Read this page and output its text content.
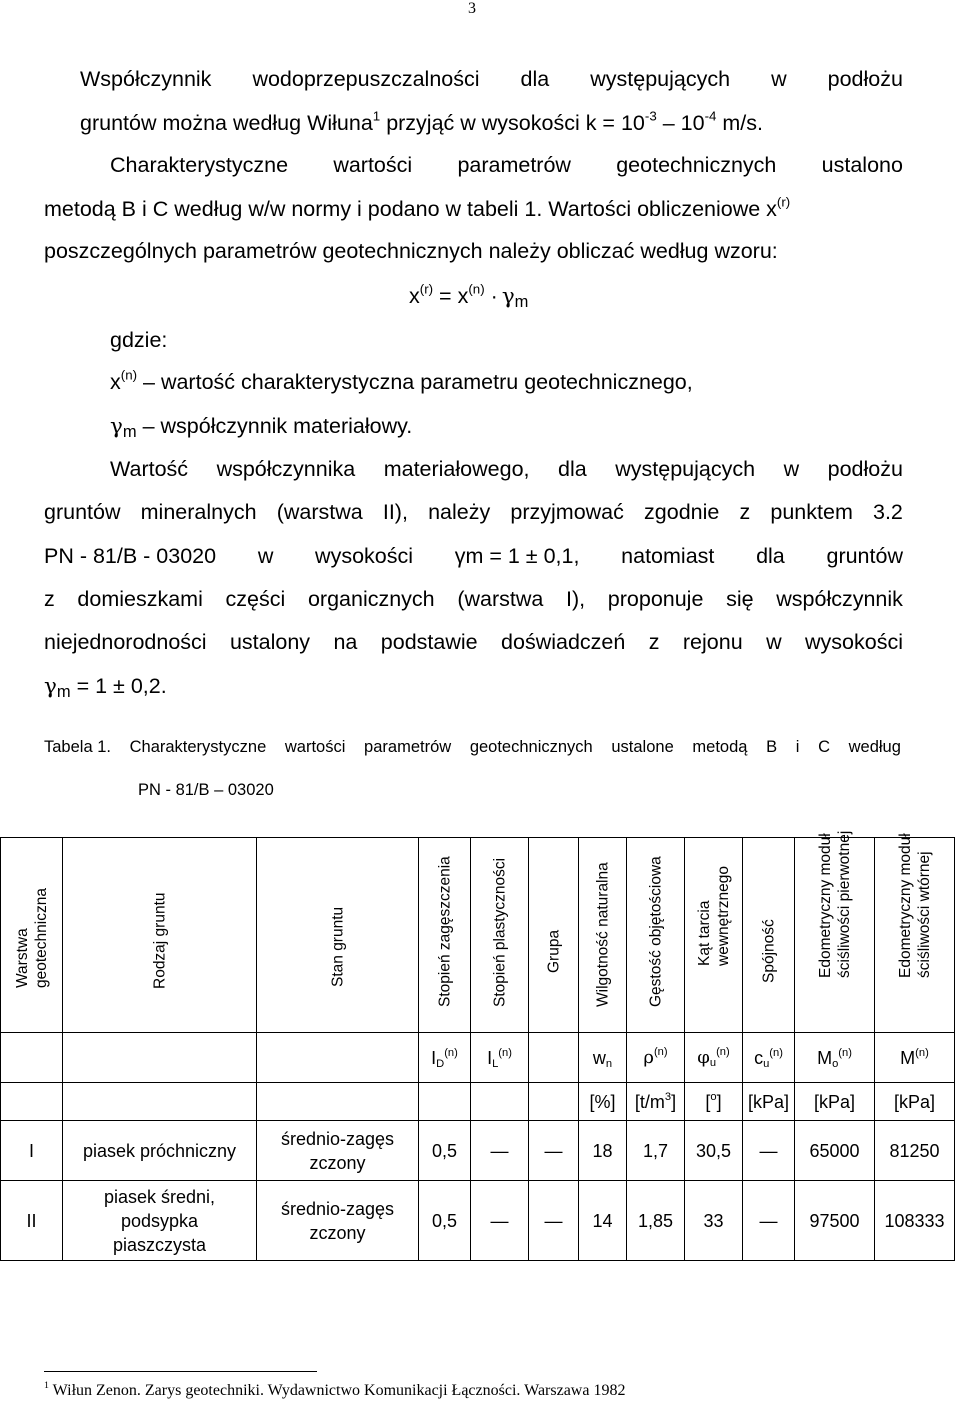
3
Współczynnik wodoprzepuszczalności dla występujących w podłożu
gruntów można według Wiłuna$^1$ przyjąć w wysokości $k = 10^{-3} - 10^{-4}$ m/s.
Charakterystyczne wartości parametrów geotechnicznych ustalono
metodą B i C według w/w normy i podano w tabeli 1. Wartości obliczeniowe $x^{(r)}$
poszczególnych parametrów geotechnicznych należy obliczać według wzoru:
$x^{(r)} = x^{(n)} \cdot \gamma_m$
gdzie:
$x^{(n)}$ – wartość charakterystyczna parametru geotechnicznego,
$\gamma_m$ – współczynnik materiałowy.
Wartość współczynnika materiałowego, dla występujących w podłożu
gruntów mineralnych (warstwa II), należy przyjmować zgodnie z punktem 3.2
PN - 81/B - 03020 w wysokości γm = 1 ± 0,1, natomiast dla gruntów
z domieszkami części organicznych (warstwa I), proponuje się współczynnik
niejednorodności ustalony na podstawie doświadczeń z rejonu w wysokości
$\gamma_m = 1 \pm 0,2$.
Tabela 1. Charakterystyczne wartości parametrów geotechnicznych ustalone metodą B i C według
PN - 81/B – 03020
Warstwa geotechniczna	Rodzaj gruntu	Stan gruntu	Stopień zagęszczenia	Stopień plastyczności	Grupa	Wilgotność naturalna	Gęstość objętościowa	Kąt tarcia wewnętrznego	Spójność	Edometryczny moduł ściśliwości pierwotnej	Edometryczny moduł ściśliwości wtórnej

			$I_D^{(n)}$	$I_L^{(n)}$		$w_n$	$\rho^{(n)}$	$\varphi_u^{(n)}$	$c_u^{(n)}$	$M_o^{(n)}$	$M^{(n)}$
						[%]	$[t/m^3]$	[$^o$]	[kPa]	[kPa]	[kPa]
I	piasek próchniczny	średnio-zagęszczony	0,5	—	—	18	1,7	30,5	—	65000	81250
II	piasek średni, podsypka piaszczysta	średnio-zagęszczony	0,5	—	—	14	1,85	33	—	97500	108333
$^1$ Wiłun Zenon. Zarys geotechniki. Wydawnictwo Komunikacji Łączności. Warszawa 1982
